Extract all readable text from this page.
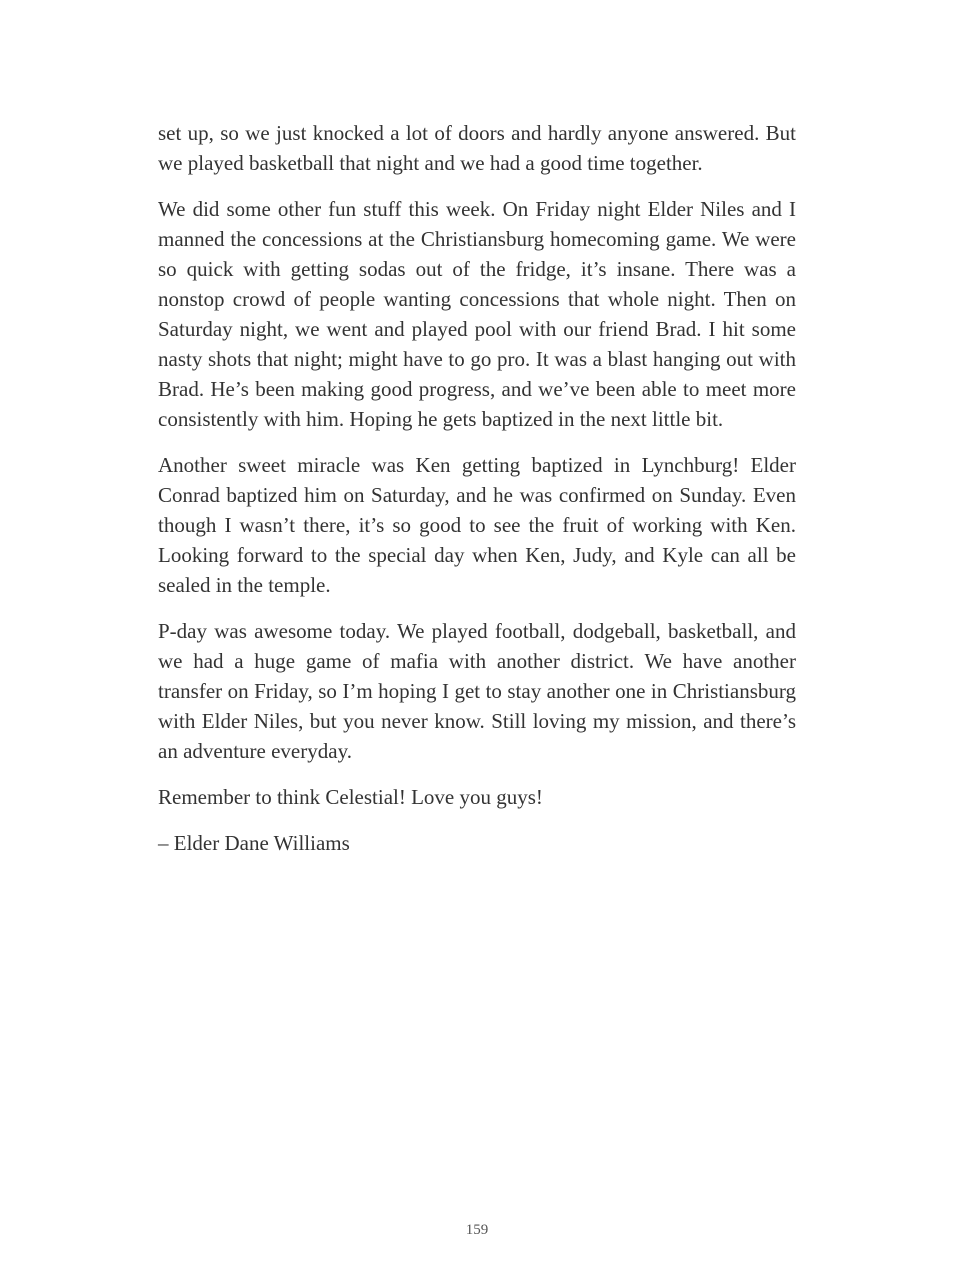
set up, so we just knocked a lot of doors and hardly anyone answered. But we played basketball that night and we had a good time together.

We did some other fun stuff this week. On Friday night Elder Niles and I manned the concessions at the Christiansburg homecoming game. We were so quick with getting sodas out of the fridge, it’s insane. There was a nonstop crowd of people wanting concessions that whole night. Then on Saturday night, we went and played pool with our friend Brad. I hit some nasty shots that night; might have to go pro. It was a blast hanging out with Brad. He’s been making good progress, and we’ve been able to meet more consistently with him. Hoping he gets baptized in the next little bit.

Another sweet miracle was Ken getting baptized in Lynchburg! Elder Conrad baptized him on Saturday, and he was confirmed on Sunday. Even though I wasn’t there, it’s so good to see the fruit of working with Ken. Looking forward to the special day when Ken, Judy, and Kyle can all be sealed in the temple.

P-day was awesome today. We played football, dodgeball, basketball, and we had a huge game of mafia with another district. We have another transfer on Friday, so I’m hoping I get to stay another one in Christiansburg with Elder Niles, but you never know. Still loving my mission, and there’s an adventure everyday.

Remember to think Celestial! Love you guys!

– Elder Dane Williams

159
